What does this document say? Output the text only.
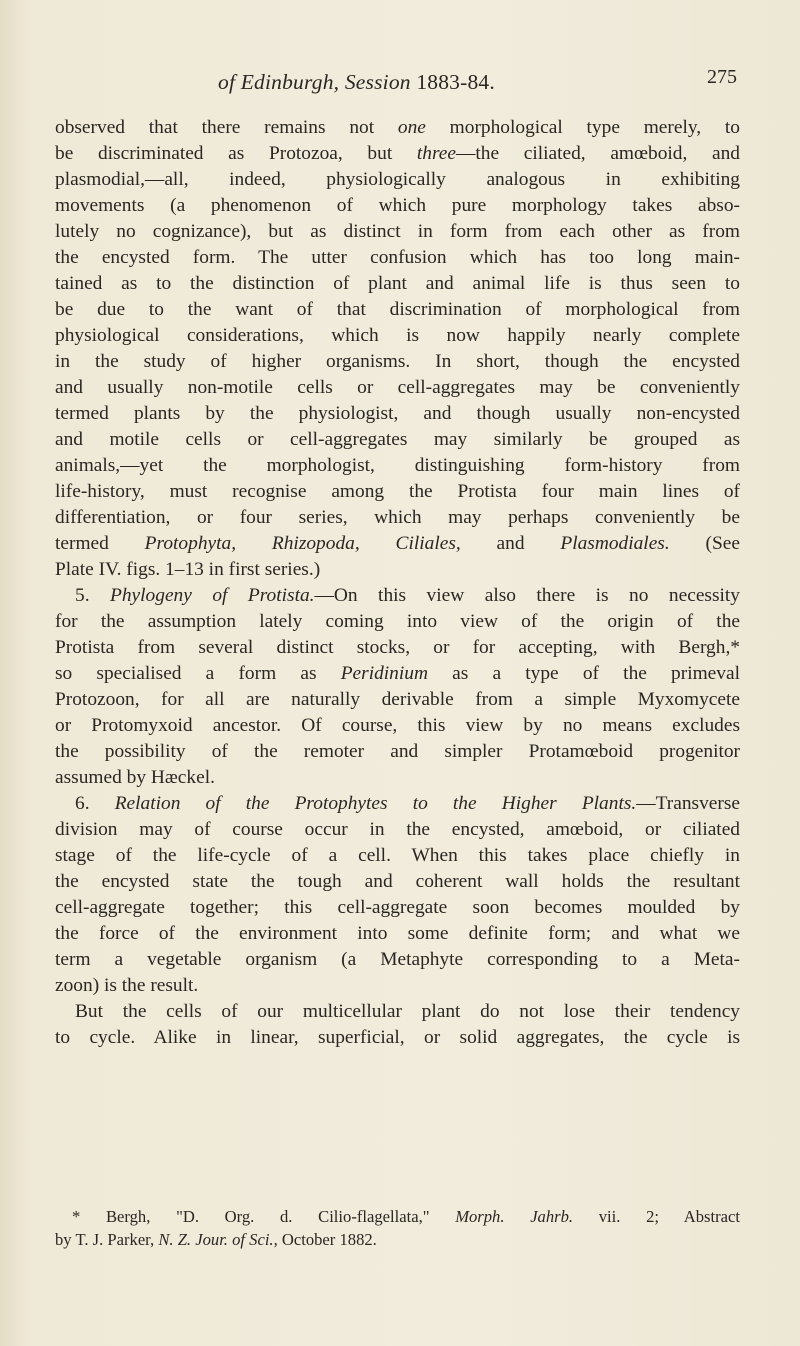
of Edinburgh, Session 1883-84.	275
observed that there remains not one morphological type merely, to
be discriminated as Protozoa, but three—the ciliated, amœboid, and
plasmodial,—all, indeed, physiologically analogous in exhibiting
movements (a phenomenon of which pure morphology takes abso-
lutely no cognizance), but as distinct in form from each other as from
the encysted form. The utter confusion which has too long main-
tained as to the distinction of plant and animal life is thus seen to
be due to the want of that discrimination of morphological from
physiological considerations, which is now happily nearly complete
in the study of higher organisms. In short, though the encysted
and usually non-motile cells or cell-aggregates may be conveniently
termed plants by the physiologist, and though usually non-encysted
and motile cells or cell-aggregates may similarly be grouped as
animals,—yet the morphologist, distinguishing form-history from
life-history, must recognise among the Protista four main lines of
differentiation, or four series, which may perhaps conveniently be
termed Protophyta, Rhizopoda, Ciliales, and Plasmodiales. (See
Plate IV. figs. 1–13 in first series.)
5. Phylogeny of Protista.—On this view also there is no necessity
for the assumption lately coming into view of the origin of the
Protista from several distinct stocks, or for accepting, with Bergh,*
so specialised a form as Peridinium as a type of the primeval
Protozoon, for all are naturally derivable from a simple Myxomycete
or Protomyxoid ancestor. Of course, this view by no means excludes
the possibility of the remoter and simpler Protamœboid progenitor
assumed by Hæckel.
6. Relation of the Protophytes to the Higher Plants.—Transverse
division may of course occur in the encysted, amœboid, or ciliated
stage of the life-cycle of a cell. When this takes place chiefly in
the encysted state the tough and coherent wall holds the resultant
cell-aggregate together; this cell-aggregate soon becomes moulded by
the force of the environment into some definite form; and what we
term a vegetable organism (a Metaphyte corresponding to a Meta-
zoon) is the result.
But the cells of our multicellular plant do not lose their tendency
to cycle. Alike in linear, superficial, or solid aggregates, the cycle is
* Bergh, "D. Org. d. Cilio-flagellata," Morph. Jahrb. vii. 2; Abstract
by T. J. Parker, N. Z. Jour. of Sci., October 1882.
